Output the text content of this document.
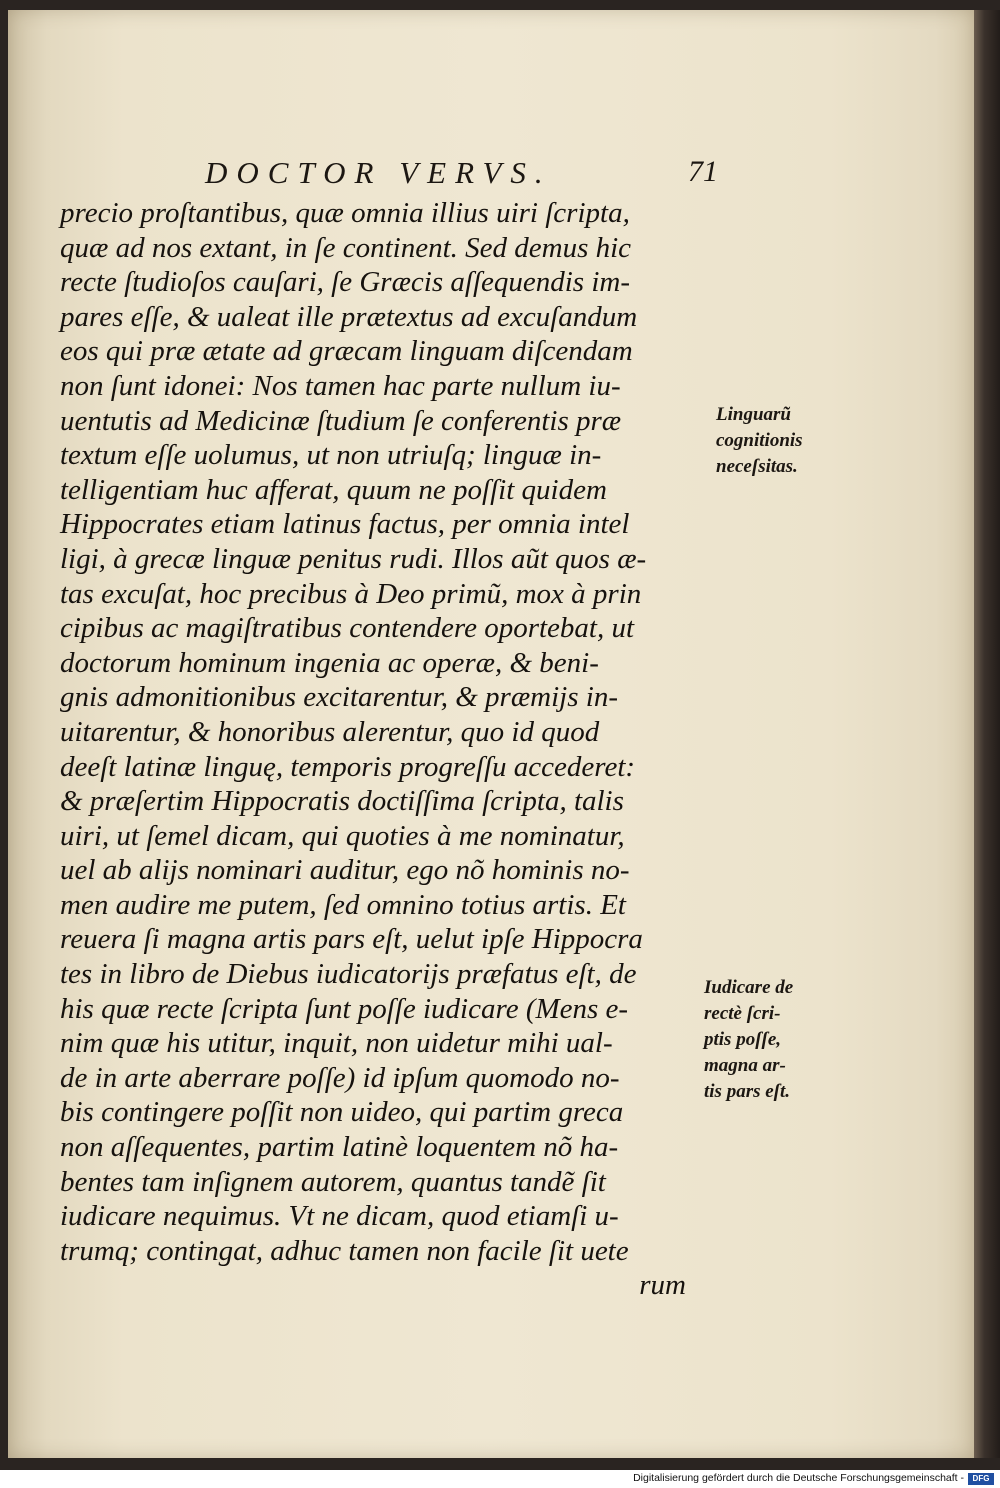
DOCTOR VERVS.	71
precio proſtantibus, quæ omnia illius uiri ſcripta,
quæ ad nos extant, in ſe continent. Sed demus hic
recte ſtudioſos cauſari, ſe Græcis aſſequendis im-
pares eſſe, & ualeat ille prætextus ad excuſandum
eos qui præ ætate ad græcam linguam diſcendam
non ſunt idonei: Nos tamen hac parte nullum iu-
uentutis ad Medicinæ ſtudium ſe conferentis præ
textum eſſe uolumus, ut non utriuſq; linguæ in-
telligentiam huc afferat, quum ne poſſit quidem
Hippocrates etiam latinus factus, per omnia intel
ligi, à grecæ linguæ penitus rudi. Illos aũt quos æ-
tas excuſat, hoc precibus à Deo primũ, mox à prin
cipibus ac magiſtratibus contendere oportebat, ut
doctorum hominum ingenia ac operæ, & beni-
gnis admonitionibus excitarentur, & præmijs in-
uitarentur, & honoribus alerentur, quo id quod
deeſt latinæ linguę, temporis progreſſu accederet:
& præſertim Hippocratis doctiſſima ſcripta, talis
uiri, ut ſemel dicam, qui quoties à me nominatur,
uel ab alijs nominari auditur, ego nõ hominis no-
men audire me putem, ſed omnino totius artis. Et
reuera ſi magna artis pars eſt, uelut ipſe Hippocra
tes in libro de Diebus iudicatorijs præfatus eſt, de
his quæ recte ſcripta ſunt poſſe iudicare (Mens e-
nim quæ his utitur, inquit, non uidetur mihi ual-
de in arte aberrare poſſe) id ipſum quomodo no-
bis contingere poſſit non uideo, qui partim greca
non aſſequentes, partim latinè loquentem nõ ha-
bentes tam inſignem autorem, quantus tandẽ ſit
iudicare nequimus. Vt ne dicam, quod etiamſi u-
trumq; contingat, adhuc tamen non facile ſit uete
rum
Linguarũ
cognitionis
neceſsitas.
Iudicare de
rectè ſcri-
ptis poſſe,
magna ar-
tis pars eſt.
Digitalisierung gefördert durch die Deutsche Forschungsgemeinschaft -	DFG
